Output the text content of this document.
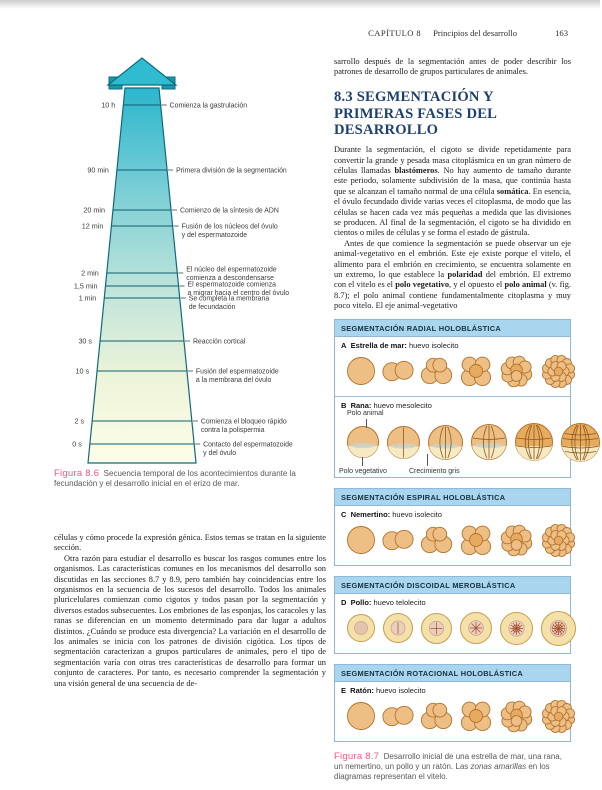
CAPÍTULO 8 Principios del desarrollo	163
10 h	Comienza la gastrulación
90 min	Primera división de la segmentación
20 min	Comienzo de la síntesis de ADN
12 min	Fusión de los núcleos del óvulo y del espermatozoide
2 min	El núcleo del espermatozoide comienza a descondensarse
1,5 min	El espermatozoide comienza a migrar hacia el centro del óvulo
1 min	Se completa la membrana de fecundación
30 s	Reacción cortical
10 s	Fusión del espermatozoide a la membrana del óvulo
2 s	Comienza el bloqueo rápido contra la polispermia
0 s	Contacto del espermatozoide y del óvulo

Figura 8.6 Secuencia temporal de los acontecimientos durante la fecundación y el desarrollo inicial en el erizo de mar.

células y cómo procede la expresión génica. Estos temas se tratan en la siguiente sección.

Otra razón para estudiar el desarrollo es buscar los rasgos comunes entre los organismos. Las características comunes en los mecanismos del desarrollo son discutidas en las secciones 8.7 y 8.9, pero también hay coincidencias entre los organismos en la secuencia de los sucesos del desarrollo. Todos los animales pluricelulares comienzan como cigotos y todos pasan por la segmentación y diversos estados subsecuentes. Los embriones de las esponjas, los caracoles y las ranas se diferencian en un momento determinado para dar lugar a adultos distintos. ¿Cuándo se produce esta divergencia? La variación en el desarrollo de los animales se inicia con los patrones de división cigótica. Los tipos de segmentación caracterizan a grupos particulares de animales, pero el tipo de segmentación varía con otras tres características de desarrollo para formar un conjunto de caracteres. Por tanto, es necesario comprender la segmentación y una visión general de una secuencia de de-

sarrollo después de la segmentación antes de poder describir los patrones de desarrollo de grupos particulares de animales.

8.3 SEGMENTACIÓN Y PRIMERAS FASES DEL DESARROLLO

Durante la segmentación, el cigoto se divide repetidamente para convertir la grande y pesada masa citoplásmica en un gran número de células llamadas blastómeros. No hay aumento de tamaño durante este periodo, solamente subdivisión de la masa, que continúa hasta que se alcanzan el tamaño normal de una célula somática. En esencia, el óvulo fecundado divide varias veces el citoplasma, de modo que las células se hacen cada vez más pequeñas a medida que las divisiones se producen. Al final de la segmentación, el cigoto se ha dividido en cientos o miles de células y se forma el estado de gástrula.

Antes de que comience la segmentación se puede observar un eje animal-vegetativo en el embrión. Este eje existe porque el vitelo, el alimento para el embrión en crecimiento, se encuentra solamente en un extremo, lo que establece la polaridad del embrión. El extremo con el vitelo es el polo vegetativo, y el opuesto el polo animal (v. fig. 8.7); el polo animal contiene fundamentalmente citoplasma y muy poco vitelo. El eje animal-vegetativo

SEGMENTACIÓN RADIAL HOLOBLÁSTICA
A  Estrella de mar: huevo isolecito
B  Rana: huevo mesolecito
Polo animal
Polo vegetativo	Crecimiento gris
SEGMENTACIÓN ESPIRAL HOLOBLÁSTICA
C  Nemertino: huevo isolecito
SEGMENTACIÓN DISCOIDAL MEROBLÁSTICA
D  Pollo: huevo telolecito
SEGMENTACIÓN ROTACIONAL HOLOBLÁSTICA
E  Ratón: huevo isolecito

Figura 8.7 Desarrollo inicial de una estrella de mar, una rana, un nemertino, un pollo y un ratón. Las zonas amarillas en los diagramas representan el vitelo.
